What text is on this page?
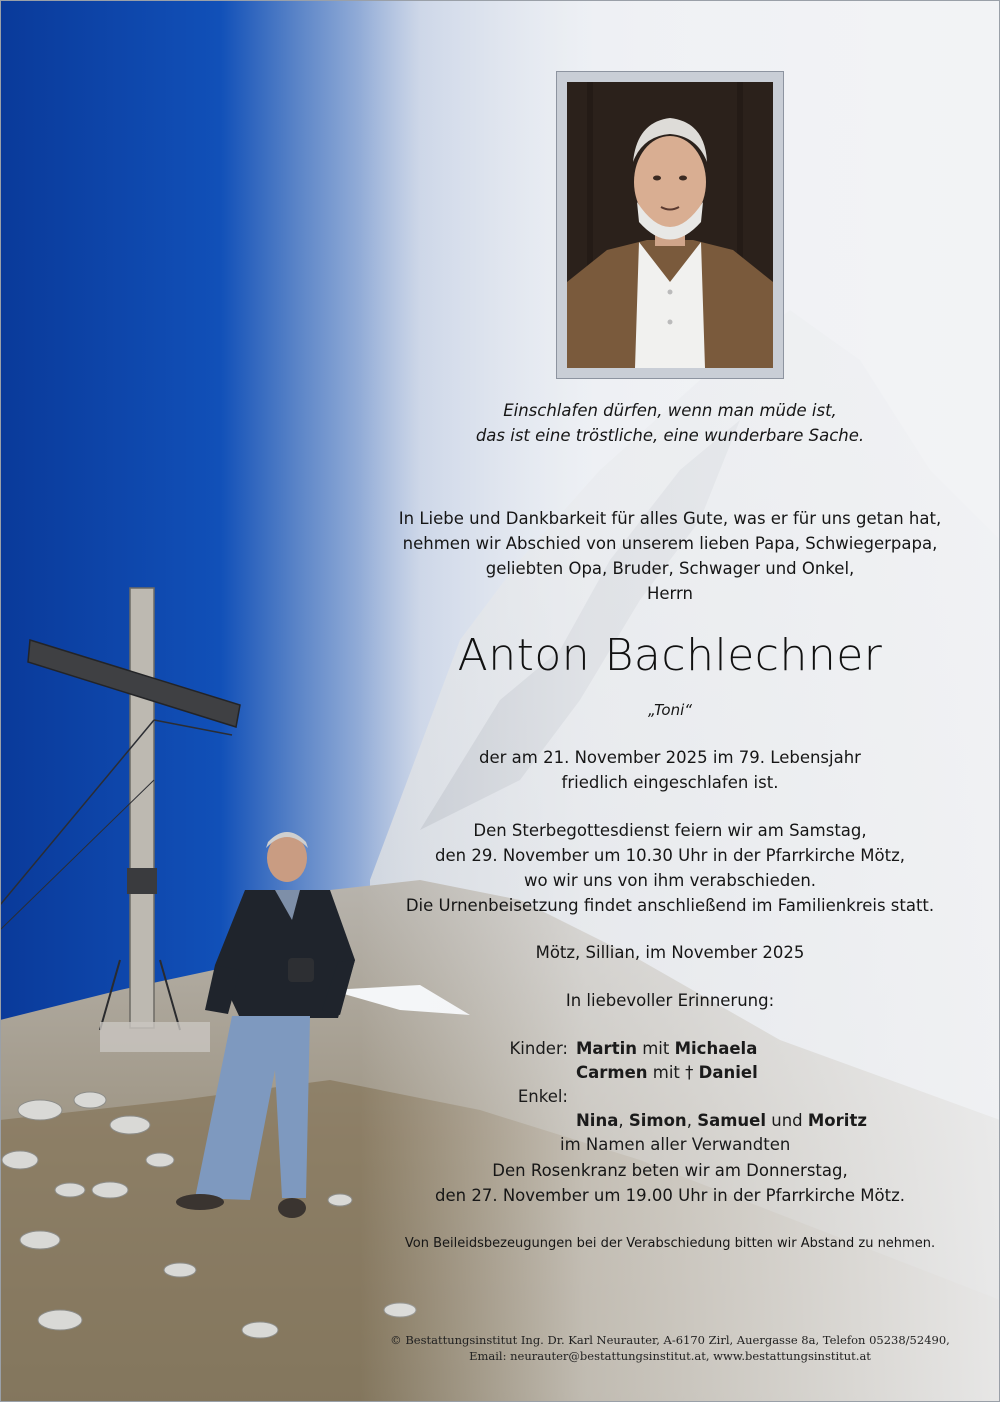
Einschlafen dürfen, wenn man müde ist,
das ist eine tröstliche, eine wunderbare Sache.
In Liebe und Dankbarkeit für alles Gute, was er für uns getan hat,
nehmen wir Abschied von unserem lieben Papa, Schwiegerpapa,
geliebten Opa, Bruder, Schwager und Onkel,
Herrn
Anton Bachlechner
„Toni“
der am 21. November 2025 im 79. Lebensjahr
friedlich eingeschlafen ist.
Den Sterbegottesdienst feiern wir am Samstag,
den 29. November um 10.30 Uhr in der Pfarrkirche Mötz,
wo wir uns von ihm verabschieden.
Die Urnenbeisetzung findet anschließend im Familienkreis statt.
Mötz, Sillian, im November 2025
In liebevoller Erinnerung:
Kinder: Martin mit Michaela
Carmen mit † Daniel
Enkel:

Nina, Simon, Samuel und Moritz
im Namen aller Verwandten
Den Rosenkranz beten wir am Donnerstag,
den 27. November um 19.00 Uhr in der Pfarrkirche Mötz.
Von Beileidsbezeugungen bei der Verabschiedung bitten wir Abstand zu nehmen.
© Bestattungsinstitut Ing. Dr. Karl Neurauter, A-6170 Zirl, Auergasse 8a, Telefon 05238/52490,
Email: neurauter@bestattungsinstitut.at, www.bestattungsinstitut.at
